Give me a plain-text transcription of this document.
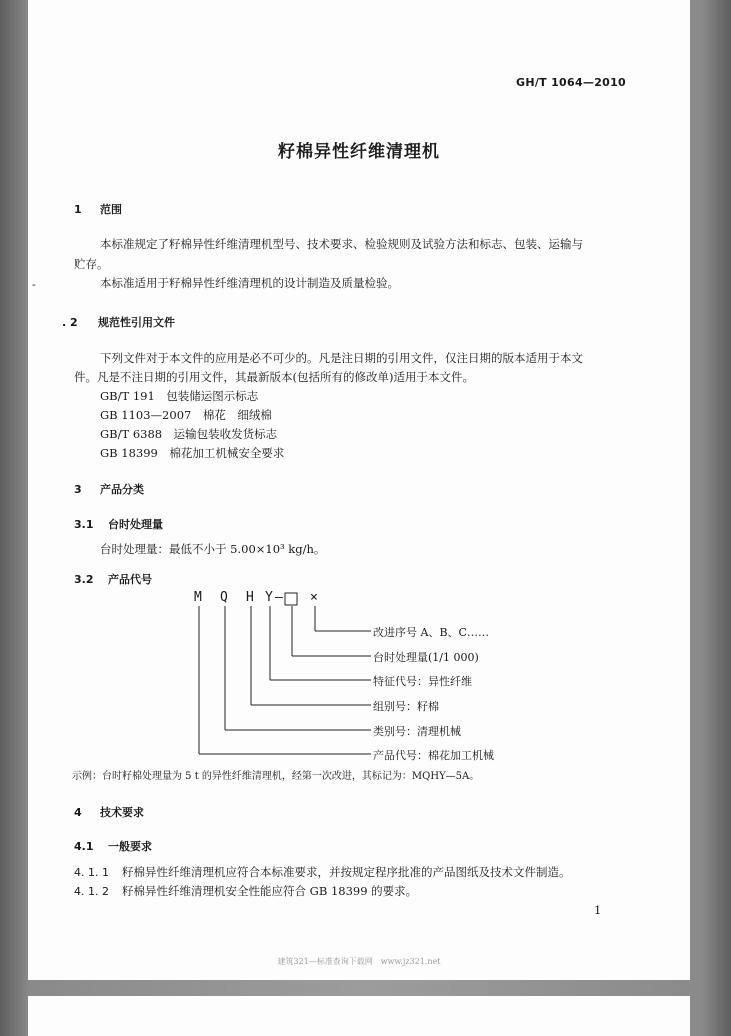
GH/T 1064—2010
籽棉异性纤维清理机
1 范围
本标准规定了籽棉异性纤维清理机型号、技术要求、检验规则及试验方法和标志、包装、运输与
贮存。
-	本标准适用于籽棉异性纤维清理机的设计制造及质量检验。
. 2 规范性引用文件
下列文件对于本文件的应用是必不可少的。凡是注日期的引用文件，仅注日期的版本适用于本文
件。凡是不注日期的引用文件，其最新版本(包括所有的修改单)适用于本文件。
GB/T 191　 包装储运图示标志
GB 1103—2007　 棉花　细绒棉
GB/T 6388　 运输包装收发货标志
GB 18399　 棉花加工机械安全要求
3 产品分类
3.1 台时处理量
台时处理量：最低不小于 5.00×10³ kg/h。
3.2 产品代号
M Q H Y — ×
改进序号 A、B、C……
台时处理量(1/1 000)
特征代号：异性纤维
组别号：籽棉
类别号：清理机械
产品代号：棉花加工机械
示例：台时籽棉处理量为 5 t 的异性纤维清理机，经第一次改进，其标记为：MQHY—5A。
4 技术要求
4.1 一般要求
4. 1. 1 籽棉异性纤维清理机应符合本标准要求，并按规定程序批准的产品图纸及技术文件制造。
4. 1. 2 籽棉异性纤维清理机安全性能应符合 GB 18399 的要求。
1
建筑321—标准查询下载网　www.jz321.net
